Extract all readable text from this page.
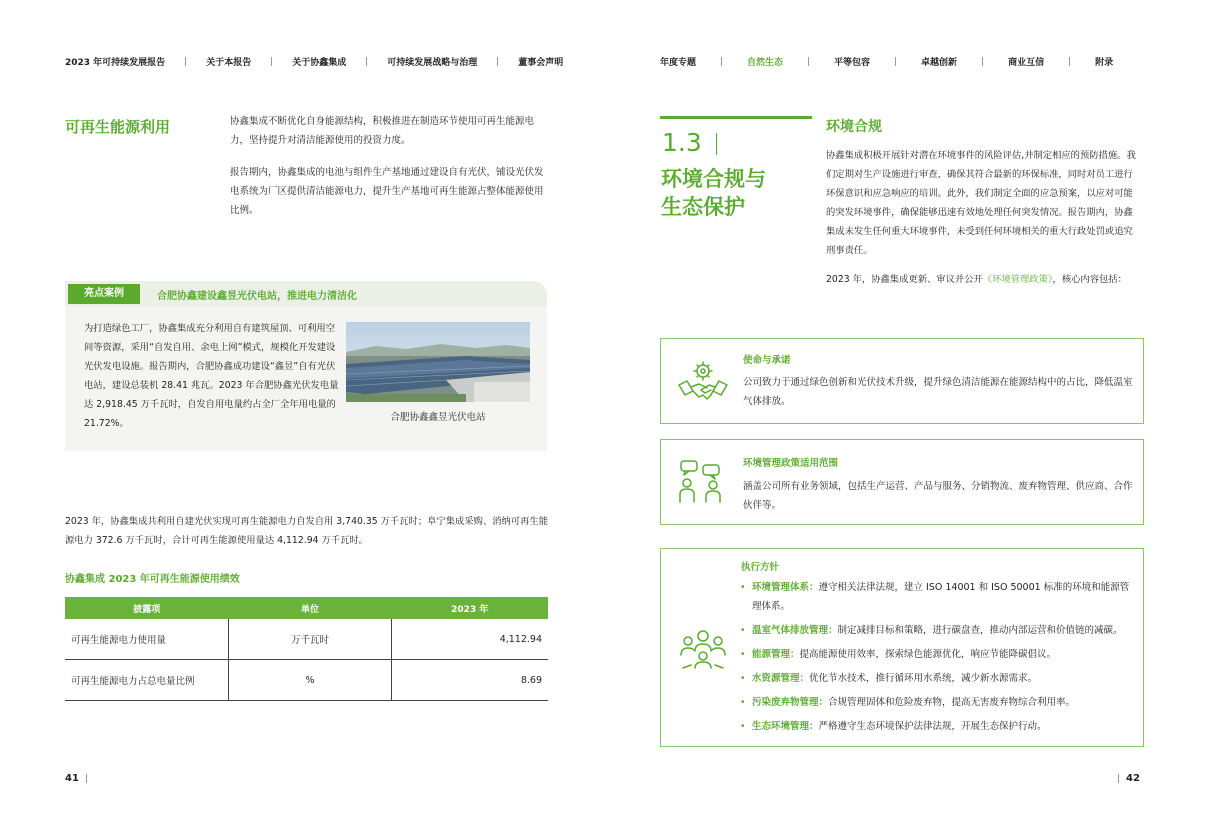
2023 年可持续发展报告	关于本报告	关于协鑫集成	可持续发展战略与治理	董事会声明	年度专题	自然生态	平等包容	卓越创新	商业互信	附录
可再生能源利用	协鑫集成不断优化自身能源结构，积极推进在制造环节使用可再生能源电力，坚持提升对清洁能源使用的投资力度。
报告期内，协鑫集成的电池与组件生产基地通过建设自有光伏，铺设光伏发电系统为厂区提供清洁能源电力，提升生产基地可再生能源占整体能源使用比例。
亮点案例	合肥协鑫建设鑫昱光伏电站，推进电力清洁化
为打造绿色工厂，协鑫集成充分利用自有建筑屋顶、可利用空间等资源，采用“自发自用、余电上网”模式，规模化开发建设光伏发电设施。报告期内，合肥协鑫成功建设“鑫昱”自有光伏电站，建设总装机 28.41 兆瓦。2023 年合肥协鑫光伏发电量达 2,918.45 万千瓦时，自发自用电量约占全厂全年用电量的 21.72%。
合肥协鑫鑫昱光伏电站
2023 年，协鑫集成共利用自建光伏实现可再生能源电力自发自用 3,740.35 万千瓦时；阜宁集成采购、消纳可再生能源电力 372.6 万千瓦时，合计可再生能源使用量达 4,112.94 万千瓦时。
协鑫集成 2023 年可再生能源使用绩效
披露项	单位	2023 年
可再生能源电力使用量	万千瓦时	4,112.94
可再生能源电力占总电量比例	%	8.69
41
1.3
环境合规与
生态保护
环境合规
协鑫集成积极开展针对潜在环境事件的风险评估,并制定相应的预防措施。我们定期对生产设施进行审查，确保其符合最新的环保标准，同时对员工进行环保意识和应急响应的培训。此外，我们制定全面的应急预案，以应对可能的突发环境事件，确保能够迅速有效地处理任何突发情况。报告期内，协鑫集成未发生任何重大环境事件，未受到任何环境相关的重大行政处罚或追究刑事责任。
2023 年，协鑫集成更新、审议并公开《环境管理政策》，核心内容包括：
使命与承诺
公司致力于通过绿色创新和光伏技术升级，提升绿色清洁能源在能源结构中的占比，降低温室气体排放。
环境管理政策适用范围
涵盖公司所有业务领域，包括生产运营、产品与服务、分销物流、废弃物管理、供应商、合作伙伴等。
执行方针
• 环境管理体系：遵守相关法律法规，建立 ISO 14001 和 ISO 50001 标准的环境和能源管理体系。
• 温室气体排放管理：制定减排目标和策略，进行碳盘查，推动内部运营和价值链的减碳。
• 能源管理：提高能源使用效率，探索绿色能源优化，响应节能降碳倡议。
• 水资源管理：优化节水技术，推行循环用水系统，减少新水源需求。
• 污染废弃物管理：合规管理固体和危险废弃物，提高无害废弃物综合利用率。
• 生态环境管理：严格遵守生态环境保护法律法规，开展生态保护行动。
42
